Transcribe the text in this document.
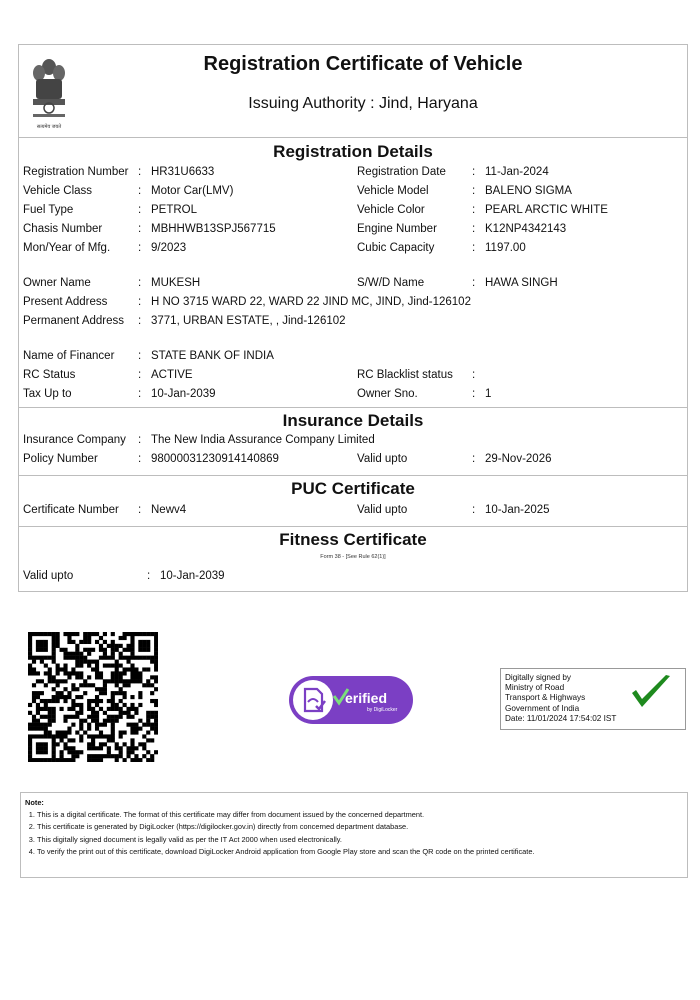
सत्यमेव जयते
Registration Certificate of Vehicle
Issuing Authority : Jind, Haryana
Registration Details
Registration Number : HR31U6633	Registration Date : 11-Jan-2024
Vehicle Class	: Motor Car(LMV)	Vehicle Model	: BALENO SIGMA
Fuel Type	: PETROL	Vehicle Color	: PEARL ARCTIC WHITE
Chasis Number	: MBHHWB13SPJ567715	Engine Number	: K12NP4342143
Mon/Year of Mfg. : 9/2023	Cubic Capacity	: 1197.00
Owner Name	: MUKESH	S/W/D Name	: HAWA SINGH
Present Address	: H NO 3715 WARD 22, WARD 22 JIND MC, JIND, Jind-126102
Permanent Address : 3771, URBAN ESTATE, , Jind-126102
Name of Financer : STATE BANK OF INDIA
RC Status	: ACTIVE	RC Blacklist status :
Tax Up to	: 10-Jan-2039	Owner Sno.	: 1
Insurance Details
Insurance Company : The New India Assurance Company Limited
Policy Number	: 98000031230914140869	Valid upto	: 29-Nov-2026
PUC Certificate
Certificate Number : Newv4	Valid upto	: 10-Jan-2025
Fitness Certificate
Form 38 - [See Rule 62(1)]
Valid upto	: 10-Jan-2039
erified
by DigiLocker
Digitally signed by
Ministry of Road
Transport & Highways
Government of India
Date: 11/01/2024 17:54:02 IST
Note:
1. This is a digital certificate. The format of this certificate may differ from document issued by the concerned department.
2. This certificate is generated by DigiLocker (https://digilocker.gov.in) directly from concerned department database.
3. This digitally signed document is legally valid as per the IT Act 2000 when used electronically.
4. To verify the print out of this certificate, download DigiLocker Android application from Google Play store and scan the QR code on the printed certificate.
